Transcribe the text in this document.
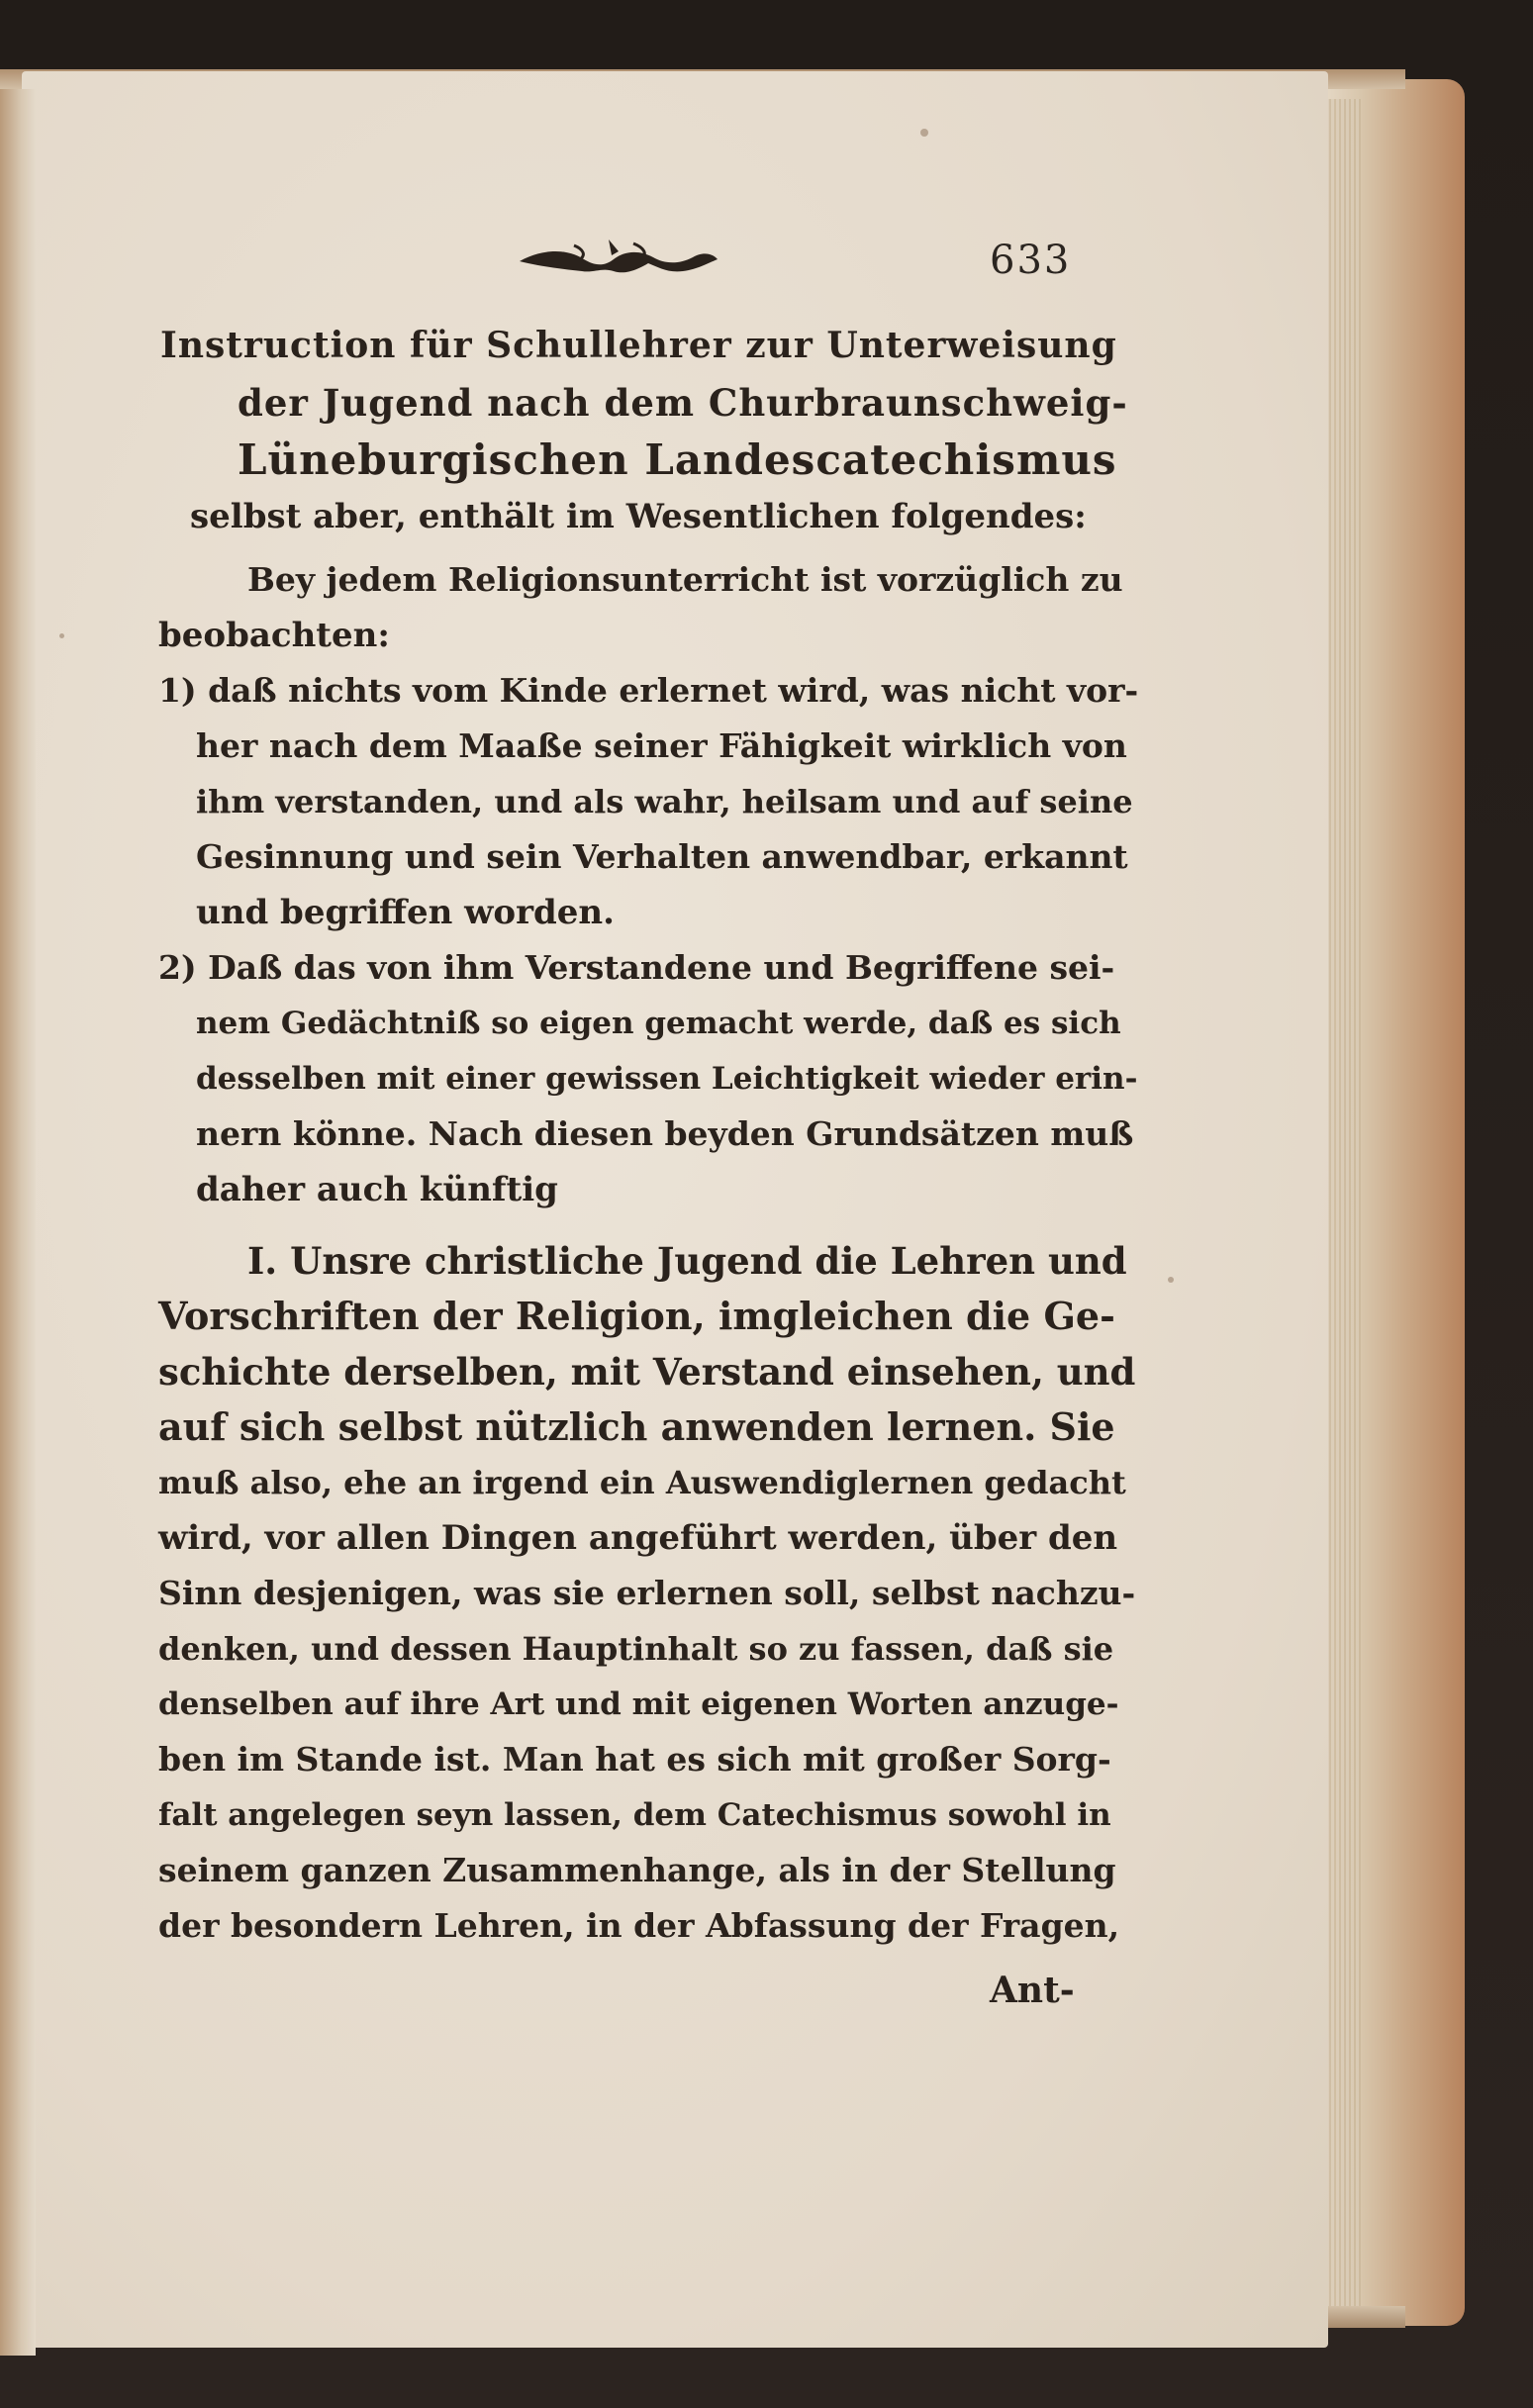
633
Instruction für Schullehrer zur Unterweisung
der Jugend nach dem Churbraunschweig-
Lüneburgischen Landescatechismus
selbst aber, enthält im Wesentlichen folgendes:
Bey jedem Religionsunterricht ist vorzüglich zu
beobachten:
1) daß nichts vom Kinde erlernet wird, was nicht vor-
her nach dem Maaße seiner Fähigkeit wirklich von
ihm verstanden, und als wahr, heilsam und auf seine
Gesinnung und sein Verhalten anwendbar, erkannt
und begriffen worden.
2) Daß das von ihm Verstandene und Begriffene sei-
nem Gedächtniß so eigen gemacht werde, daß es sich
desselben mit einer gewissen Leichtigkeit wieder erin-
nern könne. Nach diesen beyden Grundsätzen muß
daher auch künftig
I. Unsre christliche Jugend die Lehren und
Vorschriften der Religion, imgleichen die Ge-
schichte derselben, mit Verstand einsehen, und
auf sich selbst nützlich anwenden lernen. Sie
muß also, ehe an irgend ein Auswendiglernen gedacht
wird, vor allen Dingen angeführt werden, über den
Sinn desjenigen, was sie erlernen soll, selbst nachzu-
denken, und dessen Hauptinhalt so zu fassen, daß sie
denselben auf ihre Art und mit eigenen Worten anzuge-
ben im Stande ist. Man hat es sich mit großer Sorg-
falt angelegen seyn lassen, dem Catechismus sowohl in
seinem ganzen Zusammenhange, als in der Stellung
der besondern Lehren, in der Abfassung der Fragen,
Ant-
